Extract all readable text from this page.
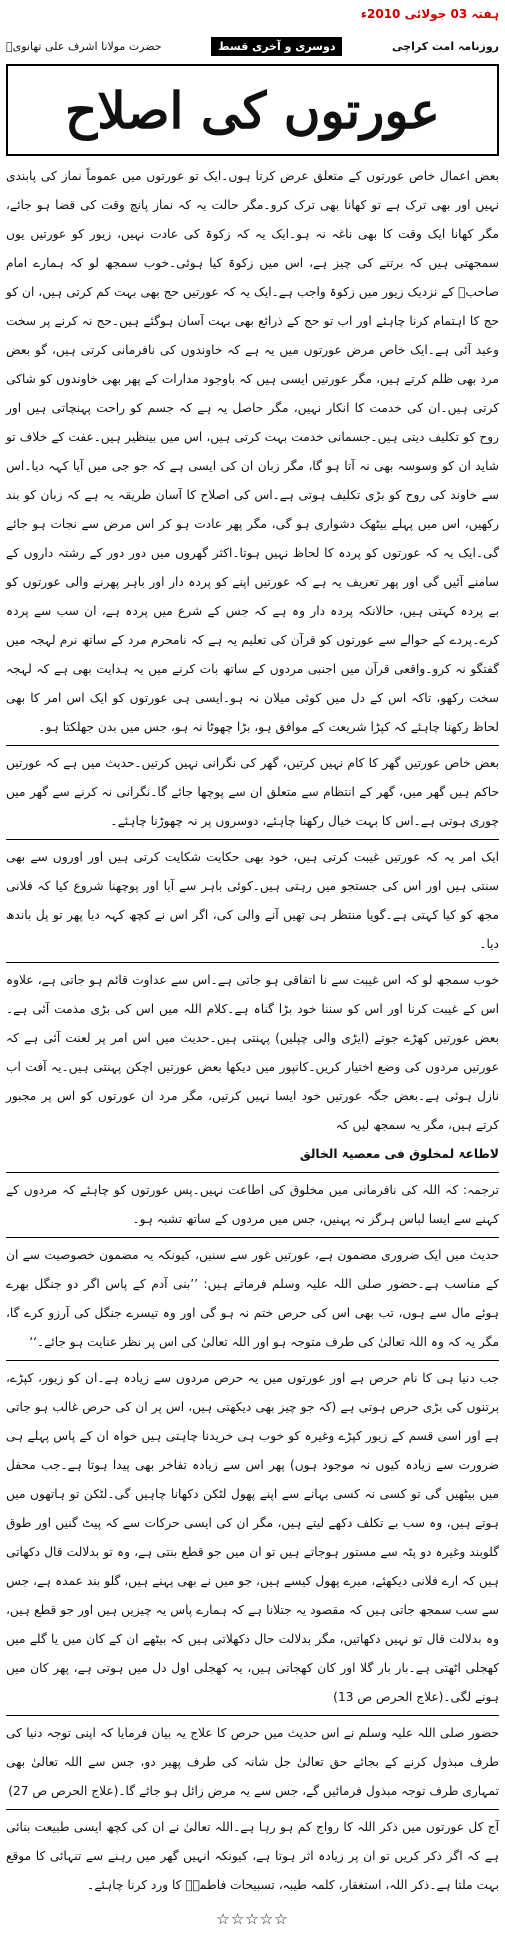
ہفتہ 03 جولائی 2010ء
روزنامہ امت کراچی
دوسری و آخری قسط
حضرت مولانا اشرف علی تھانویؒ
عورتوں کی اصلاح

بعض اعمال خاص عورتوں کے متعلق عرض کرتا ہوں۔ایک تو عورتوں میں عموماً نماز کی پابندی نہیں اور بھی ترک ہے تو کھانا بھی ترک کرو۔مگر حالت یہ کہ نماز پانچ وقت کی قضا ہو جائے، مگر کھانا ایک وقت کا بھی ناغہ نہ ہو۔ایک یہ کہ زکوۃ کی عادت نہیں، زیور کو عورتیں یوں سمجھتی ہیں کہ برتنے کی چیز ہے، اس میں زکوۃ کیا ہوئی۔خوب سمجھ لو کہ ہمارے امام صاحبؒ کے نزدیک زیور میں زکوۃ واجب ہے۔ایک یہ کہ عورتیں حج بھی بہت کم کرتی ہیں، ان کو حج کا اہتمام کرنا چاہئے اور اب تو حج کے ذرائع بھی بہت آسان ہوگئے ہیں۔حج نہ کرنے پر سخت وعید آئی ہے۔ایک خاص مرض عورتوں میں یہ ہے کہ خاوندوں کی نافرمانی کرتی ہیں، گو بعض مرد بھی ظلم کرتے ہیں، مگر عورتیں ایسی ہیں کہ باوجود مدارات کے پھر بھی خاوندوں کو شاکی کرتی ہیں۔ان کی خدمت کا انکار نہیں، مگر حاصل یہ ہے کہ جسم کو راحت پہنچاتی ہیں اور روح کو تکلیف دیتی ہیں۔جسمانی خدمت بہت کرتی ہیں، اس میں بینظیر ہیں۔عفت کے خلاف تو شاید ان کو وسوسہ بھی نہ آتا ہو گا، مگر زبان ان کی ایسی ہے کہ جو جی میں آیا کہہ دیا۔اس سے خاوند کی روح کو بڑی تکلیف ہوتی ہے۔اس کی اصلاح کا آسان طریقہ یہ ہے کہ زبان کو بند رکھیں، اس میں پہلے بیٹھک دشواری ہو گی، مگر پھر عادت ہو کر اس مرض سے نجات ہو جائے گی۔ایک یہ کہ عورتوں کو پردہ کا لحاظ نہیں ہوتا۔اکثر گھروں میں دور دور کے رشتہ داروں کے سامنے آئیں گی اور پھر تعریف یہ ہے کہ عورتیں اپنے کو پردہ دار اور باہر پھرنے والی عورتوں کو بے پردہ کہتی ہیں، حالانکہ پردہ دار وہ ہے کہ جس کے شرع میں پردہ ہے، ان سب سے پردہ کرے۔پردے کے حوالے سے عورتوں کو قرآن کی تعلیم یہ ہے کہ نامحرم مرد کے ساتھ نرم لہجہ میں گفتگو نہ کرو۔واقعی قرآن میں اجنبی مردوں کے ساتھ بات کرنے میں یہ ہدایت بھی ہے کہ لہجہ سخت رکھو، تاکہ اس کے دل میں کوئی میلان نہ ہو۔ایسی ہی عورتوں کو ایک اس امر کا بھی لحاظ رکھنا چاہئے کہ کپڑا شریعت کے موافق ہو، بڑا چھوٹا نہ ہو، جس میں بدن جھلکتا ہو۔

بعض خاص عورتیں گھر کا کام نہیں کرتیں، گھر کی نگرانی نہیں کرتیں۔حدیث میں ہے کہ عورتیں حاکم ہیں گھر میں، گھر کے انتظام سے متعلق ان سے پوچھا جائے گا۔نگرانی نہ کرنے سے گھر میں چوری ہوتی ہے۔اس کا بہت خیال رکھنا چاہئے، دوسروں پر نہ چھوڑنا چاہئے۔

ایک امر یہ کہ عورتیں غیبت کرتی ہیں، خود بھی حکایت شکایت کرتی ہیں اور اوروں سے بھی سنتی ہیں اور اس کی جستجو میں رہتی ہیں۔کوئی باہر سے آیا اور پوچھنا شروع کیا کہ فلانی مجھ کو کیا کہتی ہے۔گویا منتظر ہی تھیں آنے والی کی، اگر اس نے کچھ کہہ دیا پھر تو پل باندھ دیا۔

خوب سمجھ لو کہ اس غیبت سے نا اتفاقی ہو جاتی ہے۔اس سے عداوت قائم ہو جاتی ہے، علاوہ اس کے غیبت کرنا اور اس کو سننا خود بڑا گناہ ہے۔کلام اللہ میں اس کی بڑی مذمت آئی ہے۔بعض عورتیں کھڑے جوتے (ایڑی والی چپلیں) پہنتی ہیں۔حدیث میں اس امر پر لعنت آئی ہے کہ عورتیں مردوں کی وضع اختیار کریں۔کانپور میں دیکھا بعض عورتیں اچکن پہنتی ہیں۔یہ آفت اب نازل ہوئی ہے۔بعض جگہ عورتیں خود ایسا نہیں کرتیں، مگر مرد ان عورتوں کو اس پر مجبور کرتے ہیں، مگر یہ سمجھ لیں کہ

لاطاعۃ لمخلوق فی معصیۃ الخالق

ترجمہ: کہ اللہ کی نافرمانی میں مخلوق کی اطاعت نہیں۔پس عورتوں کو چاہئے کہ مردوں کے کہنے سے ایسا لباس ہرگز نہ پہنیں، جس میں مردوں کے ساتھ تشبہ ہو۔

حدیث میں ایک ضروری مضمون ہے، عورتیں غور سے سنیں، کیونکہ یہ مضمون خصوصیت سے ان کے مناسب ہے۔حضور صلی اللہ علیہ وسلم فرماتے ہیں: ’’بنی آدم کے پاس اگر دو جنگل بھرے ہوئے مال سے ہوں، تب بھی اس کی حرص ختم نہ ہو گی اور وہ تیسرے جنگل کی آرزو کرے گا، مگر یہ کہ وہ اللہ تعالیٰ کی طرف متوجہ ہو اور اللہ تعالیٰ کی اس پر نظر عنایت ہو جائے۔‘‘

جب دنیا ہی کا نام حرص ہے اور عورتوں میں یہ حرص مردوں سے زیادہ ہے۔ان کو زیور، کپڑے، برتنوں کی بڑی حرص ہوتی ہے (کہ جو چیز بھی دیکھتی ہیں، اس پر ان کی حرص غالب ہو جاتی ہے اور اسی قسم کے زیور کپڑے وغیرہ کو خوب ہی خریدنا چاہتی ہیں خواہ ان کے پاس پہلے ہی ضرورت سے زیادہ کیوں نہ موجود ہوں) پھر اس سے زیادہ تفاخر بھی پیدا ہوتا ہے۔جب محفل میں بیٹھیں گی تو کسی نہ کسی بہانے سے اپنے پھول لٹکن دکھانا چاہیں گی۔لٹکن تو ہاتھوں میں ہوتے ہیں، وہ سب بے تکلف دکھے لیتے ہیں، مگر ان کی ایسی حرکات سے کہ پیٹ گنیں اور طوق گلوبند وغیرہ دو پٹہ سے مستور ہوجاتے ہیں تو ان میں جو قطع بنتی ہے، وہ تو بدلالت قال دکھاتی ہیں کہ ارے فلانی دیکھئے، میرے پھول کیسے ہیں، جو میں نے بھی پہنے ہیں، گلو بند عمدہ ہے، جس سے سب سمجھ جاتی ہیں کہ مقصود یہ جتلانا ہے کہ ہمارے پاس یہ چیزیں ہیں اور جو قطع ہیں، وہ بدلالت قال تو نہیں دکھاتیں، مگر بدلالت حال دکھلاتی ہیں کہ بیٹھے ان کے کان میں یا گلے میں کھجلی اٹھتی ہے۔بار بار گلا اور کان کھجاتی ہیں، یہ کھجلی اول دل میں ہوتی ہے، پھر کان میں ہونے لگی۔(علاج الحرص ص 13)

حضور صلی اللہ علیہ وسلم نے اس حدیث میں حرص کا علاج یہ بیان فرمایا کہ اپنی توجہ دنیا کی طرف مبذول کرنے کے بجائے حق تعالیٰ جل شانہ کی طرف پھیر دو، جس سے اللہ تعالیٰ بھی تمہاری طرف توجہ مبذول فرمائیں گے، جس سے یہ مرض زائل ہو جائے گا۔(علاج الحرص ص 27)

آج کل عورتوں میں ذکر اللہ کا رواج کم ہو رہا ہے۔اللہ تعالیٰ نے ان کی کچھ ایسی طبیعت بنائی ہے کہ اگر ذکر کریں تو ان پر زیادہ اثر ہوتا ہے، کیونکہ انہیں گھر میں رہنے سے تنہائی کا موقع بہت ملتا ہے۔ذکر اللہ، استغفار، کلمہ طیبہ، تسبیحات فاطمہؓ کا ورد کرنا چاہئے۔

☆☆☆☆☆
